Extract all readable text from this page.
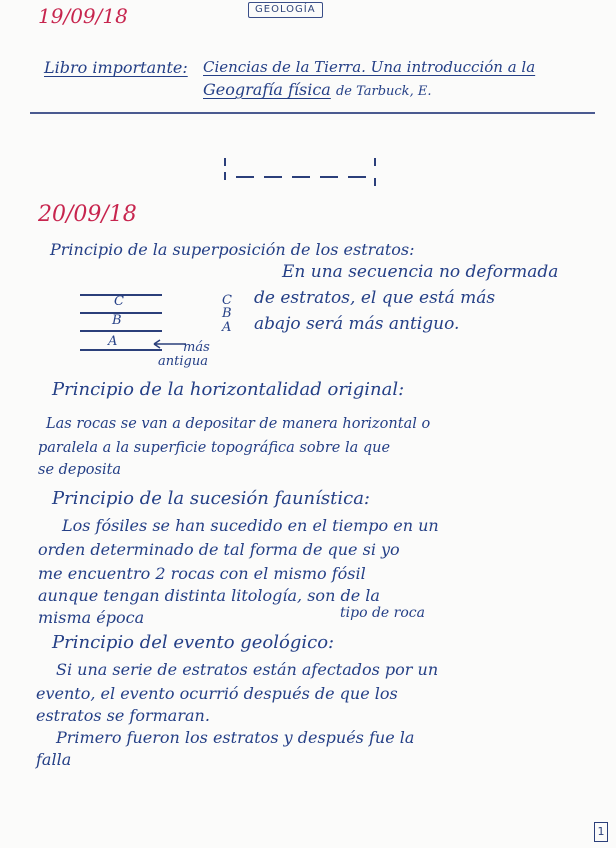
19/09/18	GEOLOGÍA
Libro importante: Ciencias de la Tierra. Una introducción a la
Geografía física de Tarbuck, E.
20/09/18
Principio de la superposición de los estratos:
C
B
A	más
antigua
C
B
A
En una secuencia no deformada
de estratos, el que está más
abajo será más antiguo.
Principio de la horizontalidad original:
Las rocas se van a depositar de manera horizontal o
paralela a la superficie topográfica sobre la que
se deposita
Principio de la sucesión faunística:
Los fósiles se han sucedido en el tiempo en un
orden determinado de tal forma de que si yo
me encuentro 2 rocas con el mismo fósil
aunque tengan distinta litología, son de la
misma época	tipo de roca
Principio del evento geológico:
Si una serie de estratos están afectados por un
evento, el evento ocurrió después de que los
estratos se formaran.
Primero fueron los estratos y después fue la
falla
1
